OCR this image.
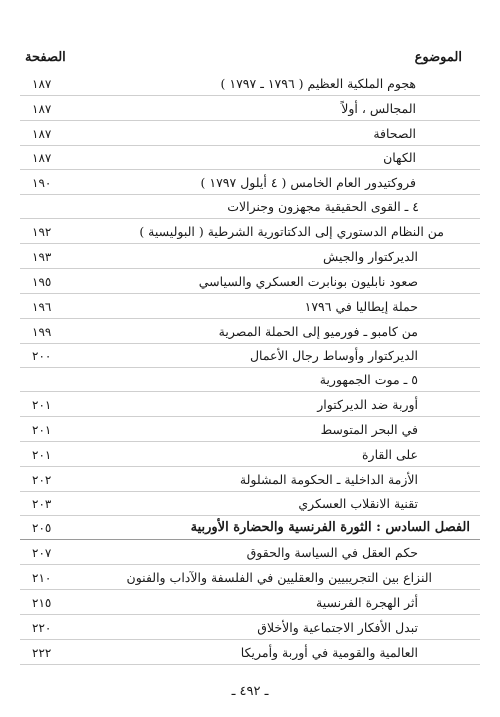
الموضوع
الصفحة
هجوم الملكية العظيم ( ١٧٩٦ ـ ١٧٩٧ )
١٨٧
المجالس ، أولاً
١٨٧
الصحافة
١٨٧
الكهان
١٨٧
فروكتيدور العام الخامس ( ٤ أيلول ١٧٩٧ )
١٩٠
٤ ـ القوى الحقيقية مجهزون وجنرالات
من النظام الدستوري إلى الدكتاتورية الشرطية ( البوليسية )
١٩٢
الديركتوار والجيش
١٩٣
صعود نابليون بونابرت العسكري والسياسي
١٩٥
حملة إيطاليا في ١٧٩٦
١٩٦
من كامبو ـ فورميو إلى الحملة المصرية
١٩٩
الديركتوار وأوساط رجال الأعمال
٢٠٠
٥ ـ موت الجمهورية
أوربة ضد الديركتوار
٢٠١
في البحر المتوسط
٢٠١
على القارة
٢٠١
الأزمة الداخلية ـ الحكومة المشلولة
٢٠٢
تقنية الانقلاب العسكري
٢٠٣
الفصل السادس : الثورة الفرنسية والحضارة الأوربية
٢٠٥
حكم العقل في السياسة والحقوق
٢٠٧
النزاع بين التجريبيين والعقليين في الفلسفة والآداب والفنون
٢١٠
أثر الهجرة الفرنسية
٢١٥
تبدل الأفكار الاجتماعية والأخلاق
٢٢٠
العالمية والقومية في أوربة وأمريكا
٢٢٢
ـ ٤٩٢ ـ
